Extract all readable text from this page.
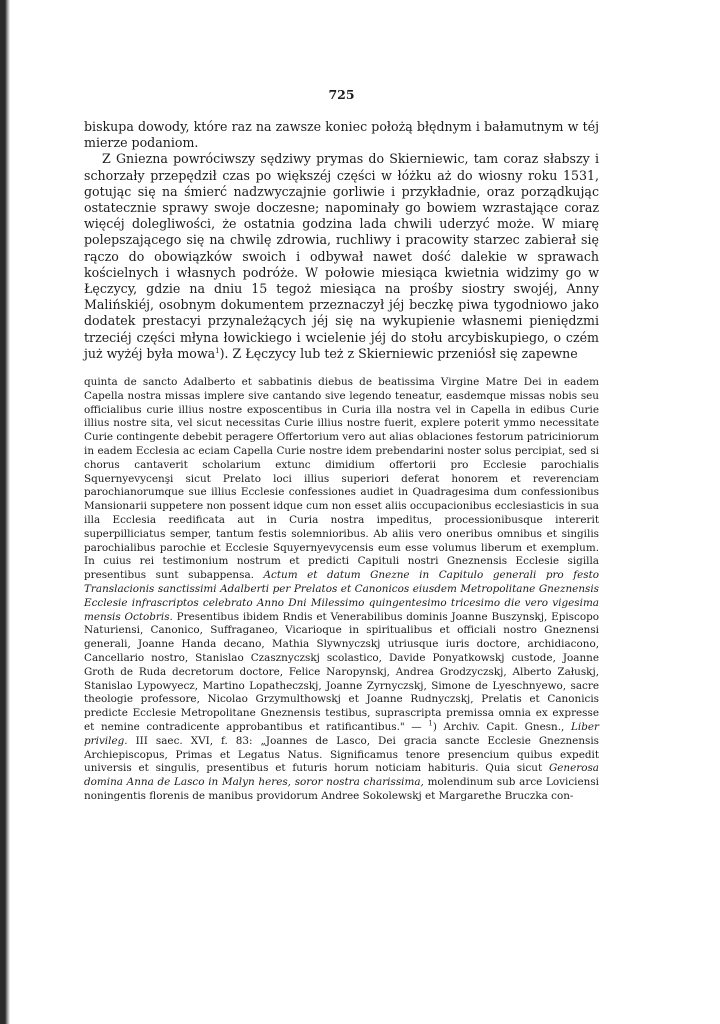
725

biskupa dowody, które raz na zawsze koniec położą błędnym i bałamutnym w téj mierze podaniom.

Z Gniezna powróciwszy sędziwy prymas do Skierniewic, tam coraz słabszy i schorzały przepędził czas po większéj części w łóżku aż do wiosny roku 1531, gotując się na śmierć nadzwyczajnie gorliwie i przykładnie, oraz porządkując ostatecznie sprawy swoje doczesne; napominały go bowiem wzrastające coraz więcéj dolegliwości, że ostatnia godzina lada chwili uderzyć może. W miarę polepszającego się na chwilę zdrowia, ruchliwy i pracowity starzec zabierał się rączo do obowiązków swoich i odbywał nawet dość dalekie w sprawach kościelnych i własnych podróże. W połowie miesiąca kwietnia widzimy go w Łęczycy, gdzie na dniu 15 tegoż miesiąca na prośby siostry swojéj, Anny Malińskiéj, osobnym dokumentem przeznaczył jéj beczkę piwa tygodniowo jako dodatek prestacyi przynależących jéj się na wykupienie własnemi pieniędzmi trzeciéj części młyna łowickiego i wcielenie jéj do stołu arcybiskupiego, o czém już wyżéj była mowa$^1$). Z Łęczycy lub też z Skierniewic przeniósł się zapewne

quinta de sancto Adalberto et sabbatinis diebus de beatissima Virgine Matre Dei in eadem Capella nostra missas implere sive cantando sive legendo teneatur, easdemque missas nobis seu officialibus curie illius nostre exposcentibus in Curia illa nostra vel in Capella in edibus Curie illius nostre sita, vel sicut necessitas Curie illius nostre fuerit, explere poterit ymmo necessitate Curie contingente debebit peragere Offertorium vero aut alias oblaciones festorum patriciniorum in eadem Ecclesia ac eciam Capella Curie nostre idem prebendarini noster solus percipiat, sed si chorus cantaverit scholarium extunc dimidium offertorii pro Ecclesie parochialis Squernyevycenşi sicut Prelato loci illius superiori deferat honorem et reverenciam parochianorumque sue illius Ecclesie confessiones audiet in Quadragesima dum confessionibus Mansionarii suppetere non possent idque cum non esset aliis occupacionibus ecclesiasticis in sua illa Ecclesia reedificata aut in Curia nostra impeditus, processionibusque intererit superpilliciatus semper, tantum festis solemnioribus. Ab aliis vero oneribus omnibus et singilis parochialibus parochie et Ecclesie Squyernyevycensis eum esse volumus liberum et exemplum. In cuius rei testimonium nostrum et predicti Capituli nostri Gneznensis Ecclesie sigilla presentibus sunt subappensa. Actum et datum Gnezne in Capitulo generali pro festo Translacionis sanctissimi Adalberti per Prelatos et Canonicos eiusdem Metropolitane Gneznensis Ecclesie infrascriptos celebrato Anno Dni Milessimo quingentesimo tricesimo die vero vigesima mensis Octobris. Presentibus ibidem Rndis et Venerabilibus dominis Joanne Buszynskj, Episcopo Naturiensi, Canonico, Suffraganeo, Vicarioque in spiritualibus et officiali nostro Gneznensi generali, Joanne Handa decano, Mathia Slywnyczskj utriusque iuris doctore, archidiacono, Cancellario nostro, Stanislao Czasznyczskj scolastico, Davide Ponyatkowskj custode, Joanne Groth de Ruda decretorum doctore, Felice Naropynskj, Andrea Grodzyczskj, Alberto Załuskj, Stanislao Lypowyecz, Martino Lopatheczskj, Joanne Zyrnyczskj, Simone de Lyeschnyewo, sacre theologie professore, Nicolao Grzymulthowskj et Joanne Rudnyczskj, Prelatis et Canonicis predicte Ecclesie Metropolitane Gneznensis testibus, suprascripta premissa omnia ex expresse et nemine contradicente approbantibus et ratificantibus." — $^1$) Archiv. Capit. Gnesn., Liber privileg. III saec. XVI, f. 83: „Joannes de Lasco, Dei gracia sancte Ecclesie Gneznensis Archiepiscopus, Primas et Legatus Natus. Significamus tenore presencium quibus expedit universis et singulis, presentibus et futuris horum noticiam habituris. Quia sicut Generosa domina Anna de Lasco in Malyn heres, soror nostra charissima, molendinum sub arce Loviciensi noningentis florenis de manibus providorum Andree Sokolewskj et Margarethe Bruczka con-
